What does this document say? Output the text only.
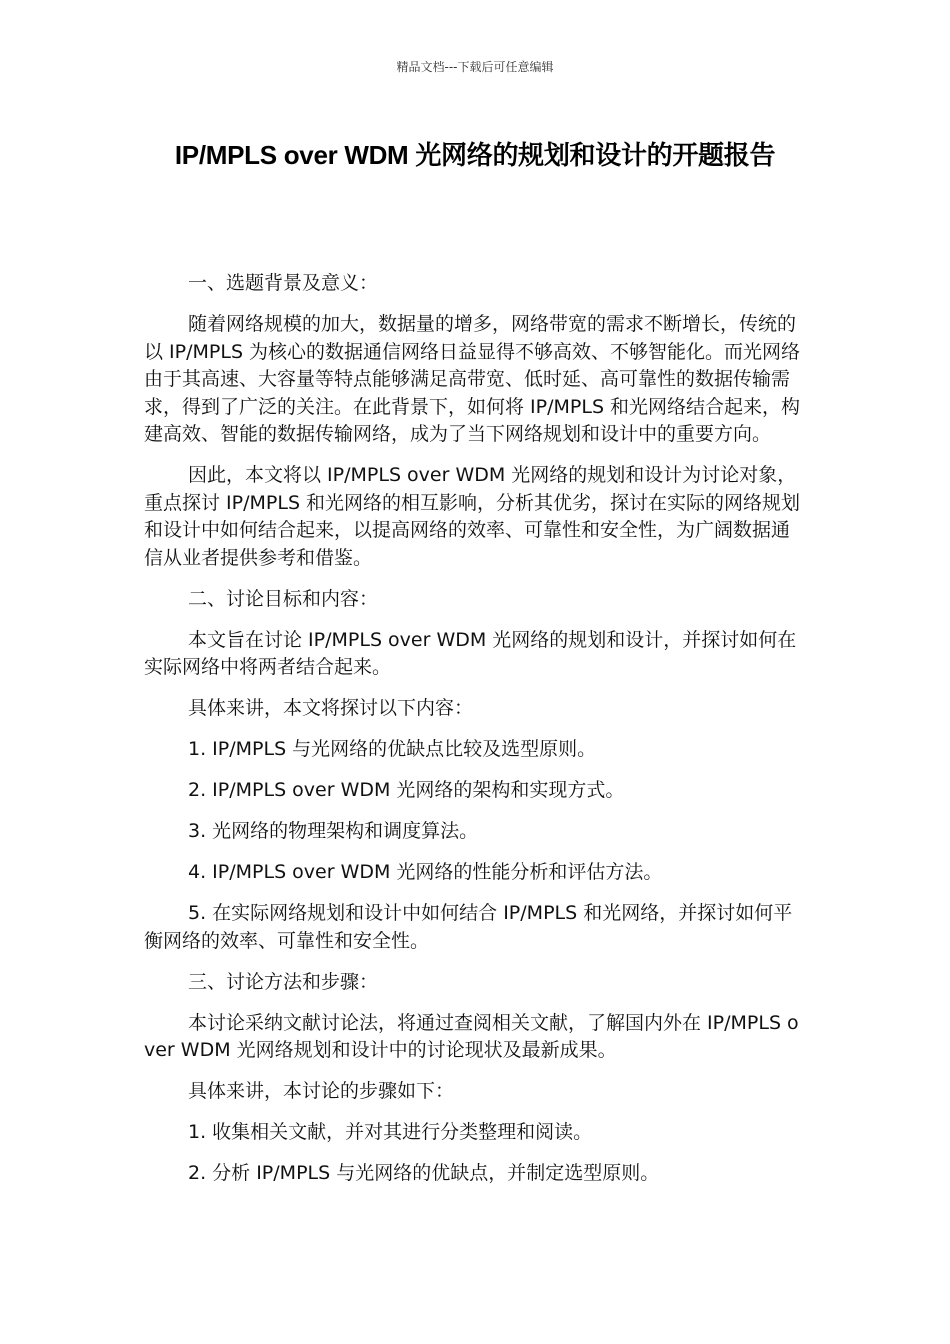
精品文档---下载后可任意编辑
IP/MPLS over WDM 光网络的规划和设计的开题报告

一、选题背景及意义：

随着网络规模的加大，数据量的增多，网络带宽的需求不断增长，传统的以 IP/MPLS 为核心的数据通信网络日益显得不够高效、不够智能化。而光网络由于其高速、大容量等特点能够满足高带宽、低时延、高可靠性的数据传输需求，得到了广泛的关注。在此背景下，如何将 IP/MPLS 和光网络结合起来，构建高效、智能的数据传输网络，成为了当下网络规划和设计中的重要方向。

因此，本文将以 IP/MPLS over WDM 光网络的规划和设计为讨论对象，重点探讨 IP/MPLS 和光网络的相互影响，分析其优劣，探讨在实际的网络规划和设计中如何结合起来，以提高网络的效率、可靠性和安全性，为广阔数据通信从业者提供参考和借鉴。

二、讨论目标和内容：

本文旨在讨论 IP/MPLS over WDM 光网络的规划和设计，并探讨如何在实际网络中将两者结合起来。

具体来讲，本文将探讨以下内容：

1. IP/MPLS 与光网络的优缺点比较及选型原则。

2. IP/MPLS over WDM 光网络的架构和实现方式。

3. 光网络的物理架构和调度算法。

4. IP/MPLS over WDM 光网络的性能分析和评估方法。

5. 在实际网络规划和设计中如何结合 IP/MPLS 和光网络，并探讨如何平衡网络的效率、可靠性和安全性。

三、讨论方法和步骤：

本讨论采纳文献讨论法，将通过查阅相关文献，了解国内外在 IP/MPLS over WDM 光网络规划和设计中的讨论现状及最新成果。

具体来讲，本讨论的步骤如下：

1. 收集相关文献，并对其进行分类整理和阅读。

2. 分析 IP/MPLS 与光网络的优缺点，并制定选型原则。
